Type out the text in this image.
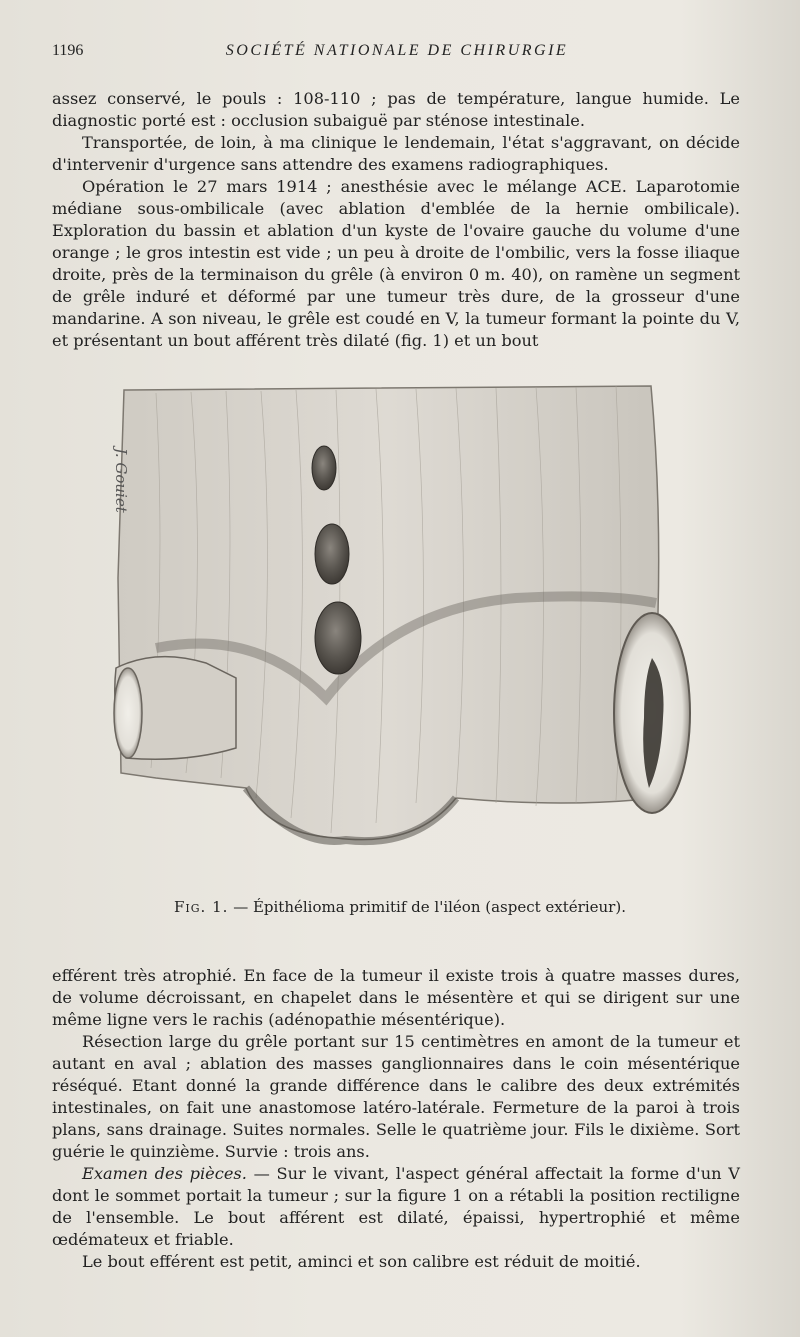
1196	SOCIÉTÉ NATIONALE DE CHIRURGIE

assez conservé, le pouls : 108-110 ; pas de température, langue humide. Le diagnostic porté est : occlusion subaiguë par sténose intestinale.

Transportée, de loin, à ma clinique le lendemain, l'état s'aggravant, on décide d'intervenir d'urgence sans attendre des examens radiographiques.

Opération le 27 mars 1914 ; anesthésie avec le mélange ACE. Laparotomie médiane sous-ombilicale (avec ablation d'emblée de la hernie ombilicale). Exploration du bassin et ablation d'un kyste de l'ovaire gauche du volume d'une orange ; le gros intestin est vide ; un peu à droite de l'ombilic, vers la fosse iliaque droite, près de la terminaison du grêle (à environ 0 m. 40), on ramène un segment de grêle induré et déformé par une tumeur très dure, de la grosseur d'une mandarine. A son niveau, le grêle est coudé en V, la tumeur formant la pointe du V, et présentant un bout afférent très dilaté (fig. 1) et un bout

J. Gouiet
Fig. 1. — Épithélioma primitif de l'iléon (aspect extérieur).

efférent très atrophié. En face de la tumeur il existe trois à quatre masses dures, de volume décroissant, en chapelet dans le mésentère et qui se dirigent sur une même ligne vers le rachis (adénopathie mésentérique).

Résection large du grêle portant sur 15 centimètres en amont de la tumeur et autant en aval ; ablation des masses ganglionnaires dans le coin mésentérique réséqué. Etant donné la grande différence dans le calibre des deux extrémités intestinales, on fait une anastomose latéro-latérale. Fermeture de la paroi à trois plans, sans drainage. Suites normales. Selle le quatrième jour. Fils le dixième. Sort guérie le quinzième. Survie : trois ans.

Examen des pièces. — Sur le vivant, l'aspect général affectait la forme d'un V dont le sommet portait la tumeur ; sur la figure 1 on a rétabli la position rectiligne de l'ensemble. Le bout afférent est dilaté, épaissi, hypertrophié et même œdémateux et friable.

Le bout efférent est petit, aminci et son calibre est réduit de moitié.
